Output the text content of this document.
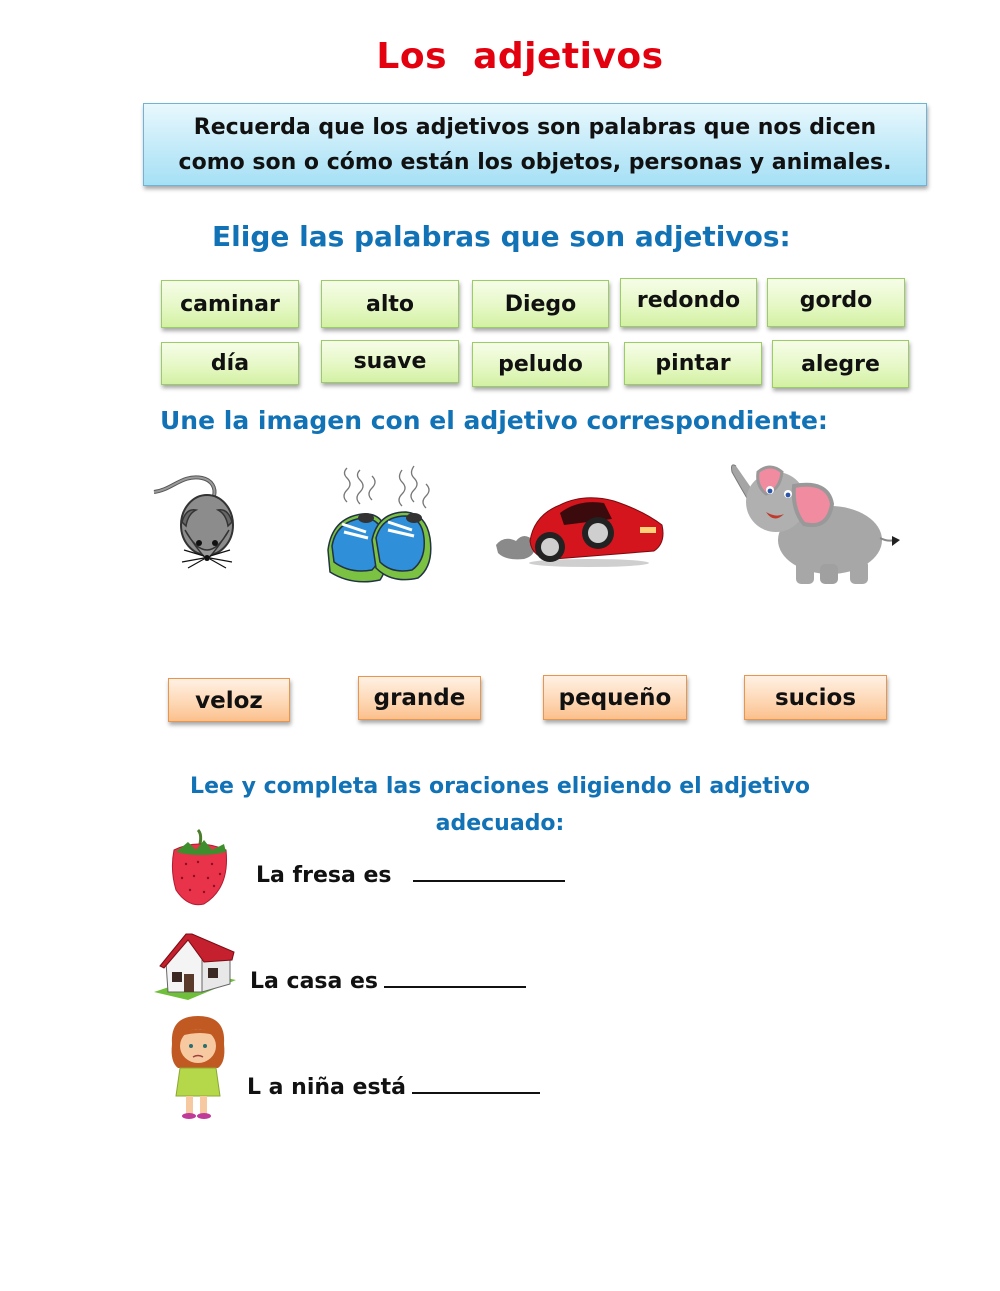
Los  adjetivos
Recuerda que los adjetivos son palabras que nos dicen
como son o cómo están los objetos, personas y animales.
Elige las palabras que son adjetivos:
caminar	alto	Diego	redondo	gordo
día	suave	peludo	pintar	alegre
Une la imagen con el adjetivo correspondiente:
veloz	grande	pequeño	sucios
Lee y completa las oraciones eligiendo el adjetivo adecuado:
La fresa es
La casa es
L a niña está
